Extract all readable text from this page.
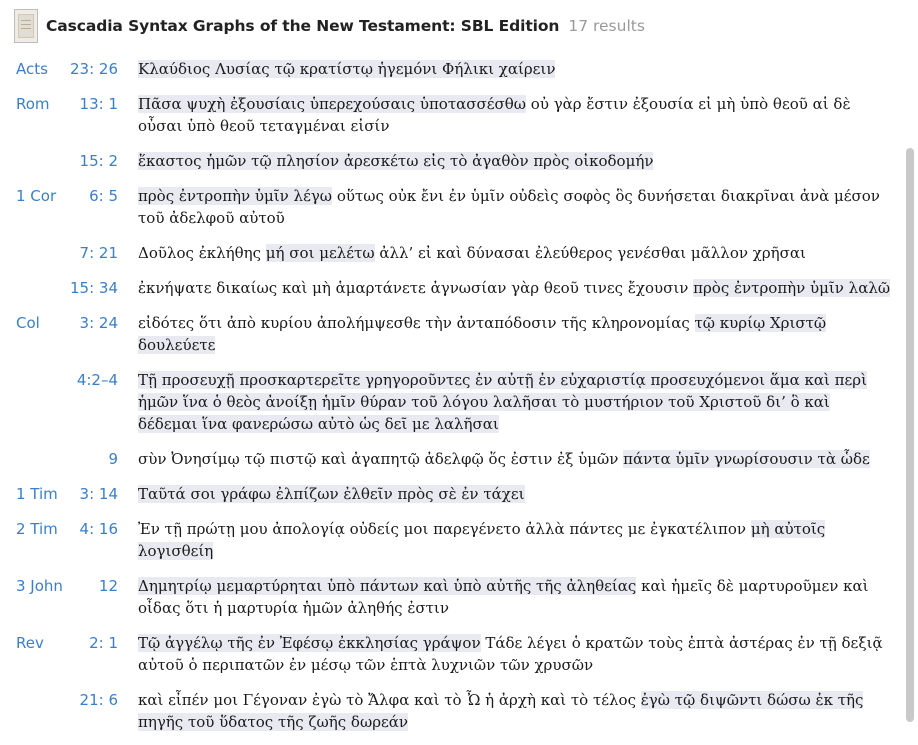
Cascadia Syntax Graphs of the New Testament: SBL Edition 17 results
Acts 23: 26 Κλαύδιος Λυσίας τῷ κρατίστῳ ἡγεμόνι Φήλικι χαίρειν
Rom 13: 1 Πᾶσα ψυχὴ ἐξουσίαις ὑπερεχούσαις ὑποτασσέσθω οὐ γὰρ ἔστιν ἐξουσία εἰ μὴ ὑπὸ θεοῦ αἱ δὲ οὖσαι ὑπὸ θεοῦ τεταγμέναι εἰσίν
15: 2 ἕκαστος ἡμῶν τῷ πλησίον ἀρεσκέτω εἰς τὸ ἀγαθὸν πρὸς οἰκοδομήν
1 Cor 6: 5 πρὸς ἐντροπὴν ὑμῖν λέγω οὕτως οὐκ ἔνι ἐν ὑμῖν οὐδεὶς σοφὸς ὃς δυνήσεται διακρῖναι ἀνὰ μέσον τοῦ ἀδελφοῦ αὐτοῦ
7: 21 Δοῦλος ἐκλήθης μή σοι μελέτω ἀλλ’ εἰ καὶ δύνασαι ἐλεύθερος γενέσθαι μᾶλλον χρῆσαι
15: 34 ἐκνήψατε δικαίως καὶ μὴ ἁμαρτάνετε ἀγνωσίαν γὰρ θεοῦ τινες ἔχουσιν πρὸς ἐντροπὴν ὑμῖν λαλῶ
Col	3: 24 εἰδότες ὅτι ἀπὸ κυρίου ἀπολήμψεσθε τὴν ἀνταπόδοσιν τῆς κληρονομίας τῷ κυρίῳ Χριστῷ δουλεύετε
4:2–4 Τῇ προσευχῇ προσκαρτερεῖτε γρηγοροῦντες ἐν αὐτῇ ἐν εὐχαριστίᾳ προσευχόμενοι ἅμα καὶ περὶ ἡμῶν ἵνα ὁ θεὸς ἀνοίξῃ ἡμῖν θύραν τοῦ λόγου λαλῆσαι τὸ μυστήριον τοῦ Χριστοῦ δι’ ὃ καὶ δέδεμαι ἵνα φανερώσω αὐτὸ ὡς δεῖ με λαλῆσαι
9 σὺν Ὀνησίμῳ τῷ πιστῷ καὶ ἀγαπητῷ ἀδελφῷ ὅς ἐστιν ἐξ ὑμῶν πάντα ὑμῖν γνωρίσουσιν τὰ ὧδε
1 Tim 3: 14 Ταῦτά σοι γράφω ἐλπίζων ἐλθεῖν πρὸς σὲ ἐν τάχει
2 Tim 4: 16 Ἐν τῇ πρώτῃ μου ἀπολογίᾳ οὐδείς μοι παρεγένετο ἀλλὰ πάντες με ἐγκατέλιπον μὴ αὐτοῖς λογισθείη
3 John 12 Δημητρίῳ μεμαρτύρηται ὑπὸ πάντων καὶ ὑπὸ αὐτῆς τῆς ἀληθείας καὶ ἡμεῖς δὲ μαρτυροῦμεν καὶ οἶδας ὅτι ἡ μαρτυρία ἡμῶν ἀληθής ἐστιν
Rev	2: 1 Τῷ ἀγγέλῳ τῆς ἐν Ἐφέσῳ ἐκκλησίας γράψον Τάδε λέγει ὁ κρατῶν τοὺς ἑπτὰ ἀστέρας ἐν τῇ δεξιᾷ αὐτοῦ ὁ περιπατῶν ἐν μέσῳ τῶν ἑπτὰ λυχνιῶν τῶν χρυσῶν
21: 6 καὶ εἶπέν μοι Γέγοναν ἐγὼ τὸ Ἄλφα καὶ τὸ Ὦ ἡ ἀρχὴ καὶ τὸ τέλος ἐγὼ τῷ διψῶντι δώσω ἐκ τῆς πηγῆς τοῦ ὕδατος τῆς ζωῆς δωρεάν
